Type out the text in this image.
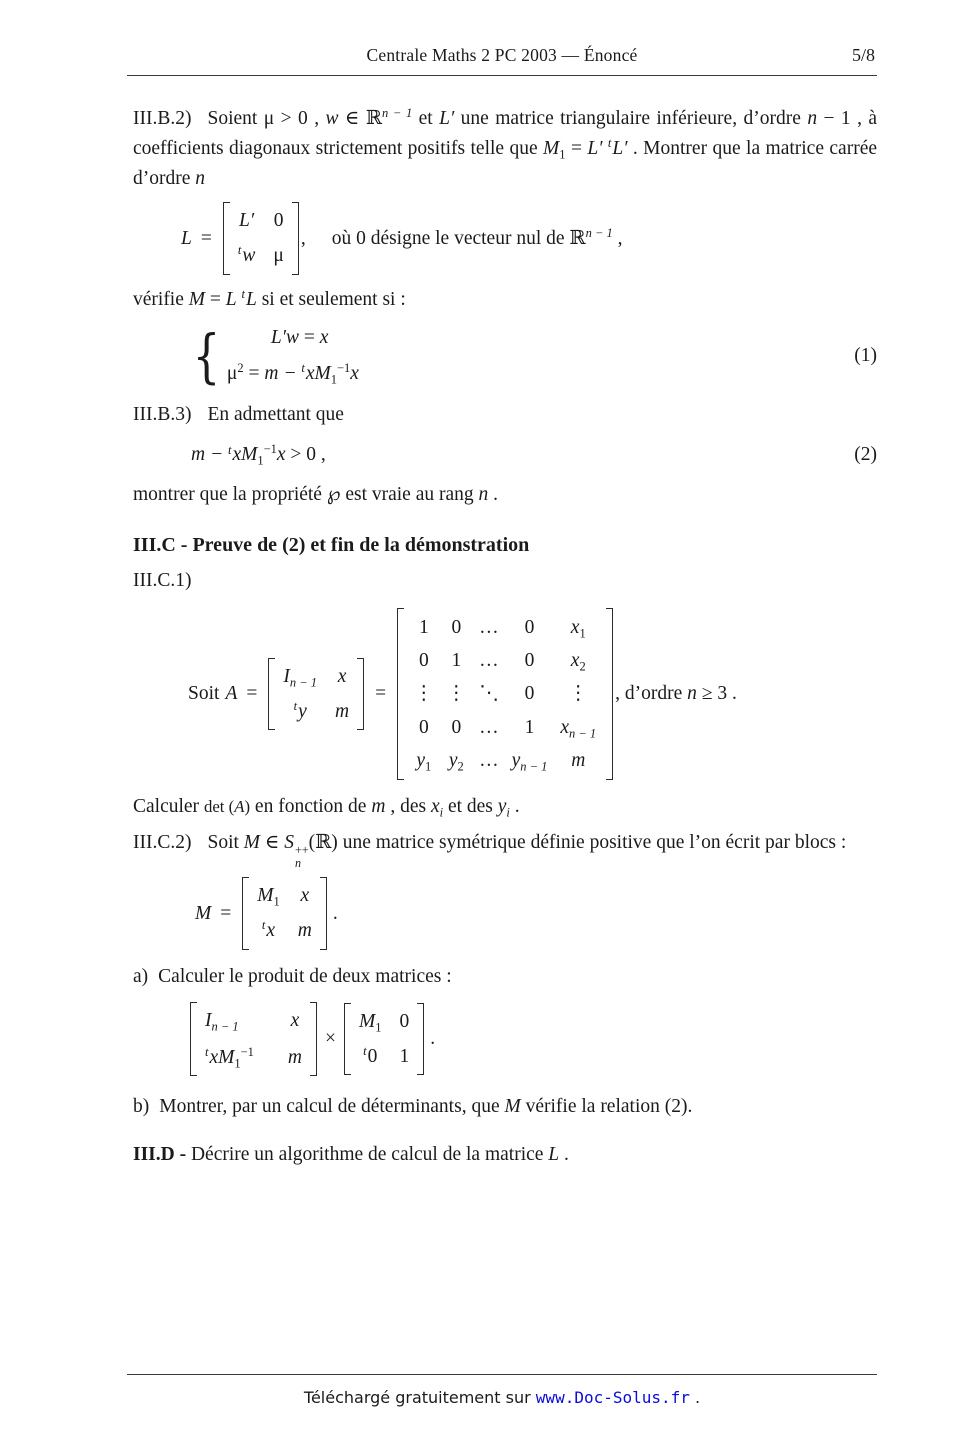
Centrale Maths 2 PC 2003 — Énoncé	5/8

III.B.2) Soient μ > 0 , w ∈ ℝ$^{n - 1}$ et L′ une matrice triangulaire inférieure, d’ordre n − 1 , à coefficients diagonaux strictement positifs telle que $M_1 = L'$ $^t$L′ . Montrer que la matrice carrée d’ordre n

L =
L′ 0
$^t$w μ
, où 0 désigne le vecteur nul de ℝ$^{n - 1}$ ,

vérifie M = L $^t$L si et seulement si :

{	L′w = x
$\mu^2 = m - ^txM_1^{-1}x$
(1)

III.B.3) En admettant que

$m - ^txM_1^{-1}x > 0$ ,	(2)

montrer que la propriété ℘ est vraie au rang n .

III.C - Preuve de (2) et fin de la démonstration

III.C.1)

Soit A =
$I_{n - 1}$ x
$^t$y m
=
1 0 … 0 $x_1$
0 1 … 0 $x_2$
⋮ ⋮ ⋱ 0 ⋮
0 0 … 1 $x_{n - 1}$
$y_1$ $y_2$ … $y_{n - 1}$ m
, d’ordre n ≥ 3 .

Calculer det (A) en fonction de m , des $x_i$ et des $y_i$ .

III.C.2) Soit M ∈ S ++
n
(ℝ) une matrice symétrique définie positive que l’on écrit par blocs :

M =
$M_1$ x
$^t$x m
.

a) Calculer le produit de deux matrices :

$I_{n - 1}$	x
$^txM_1^{-1}$ m
×
$M_1$ 0
$^t$0 1
.

b) Montrer, par un calcul de déterminants, que M vérifie la relation (2).

III.D - Décrire un algorithme de calcul de la matrice L .

Téléchargé gratuitement sur www.Doc-Solus.fr .
